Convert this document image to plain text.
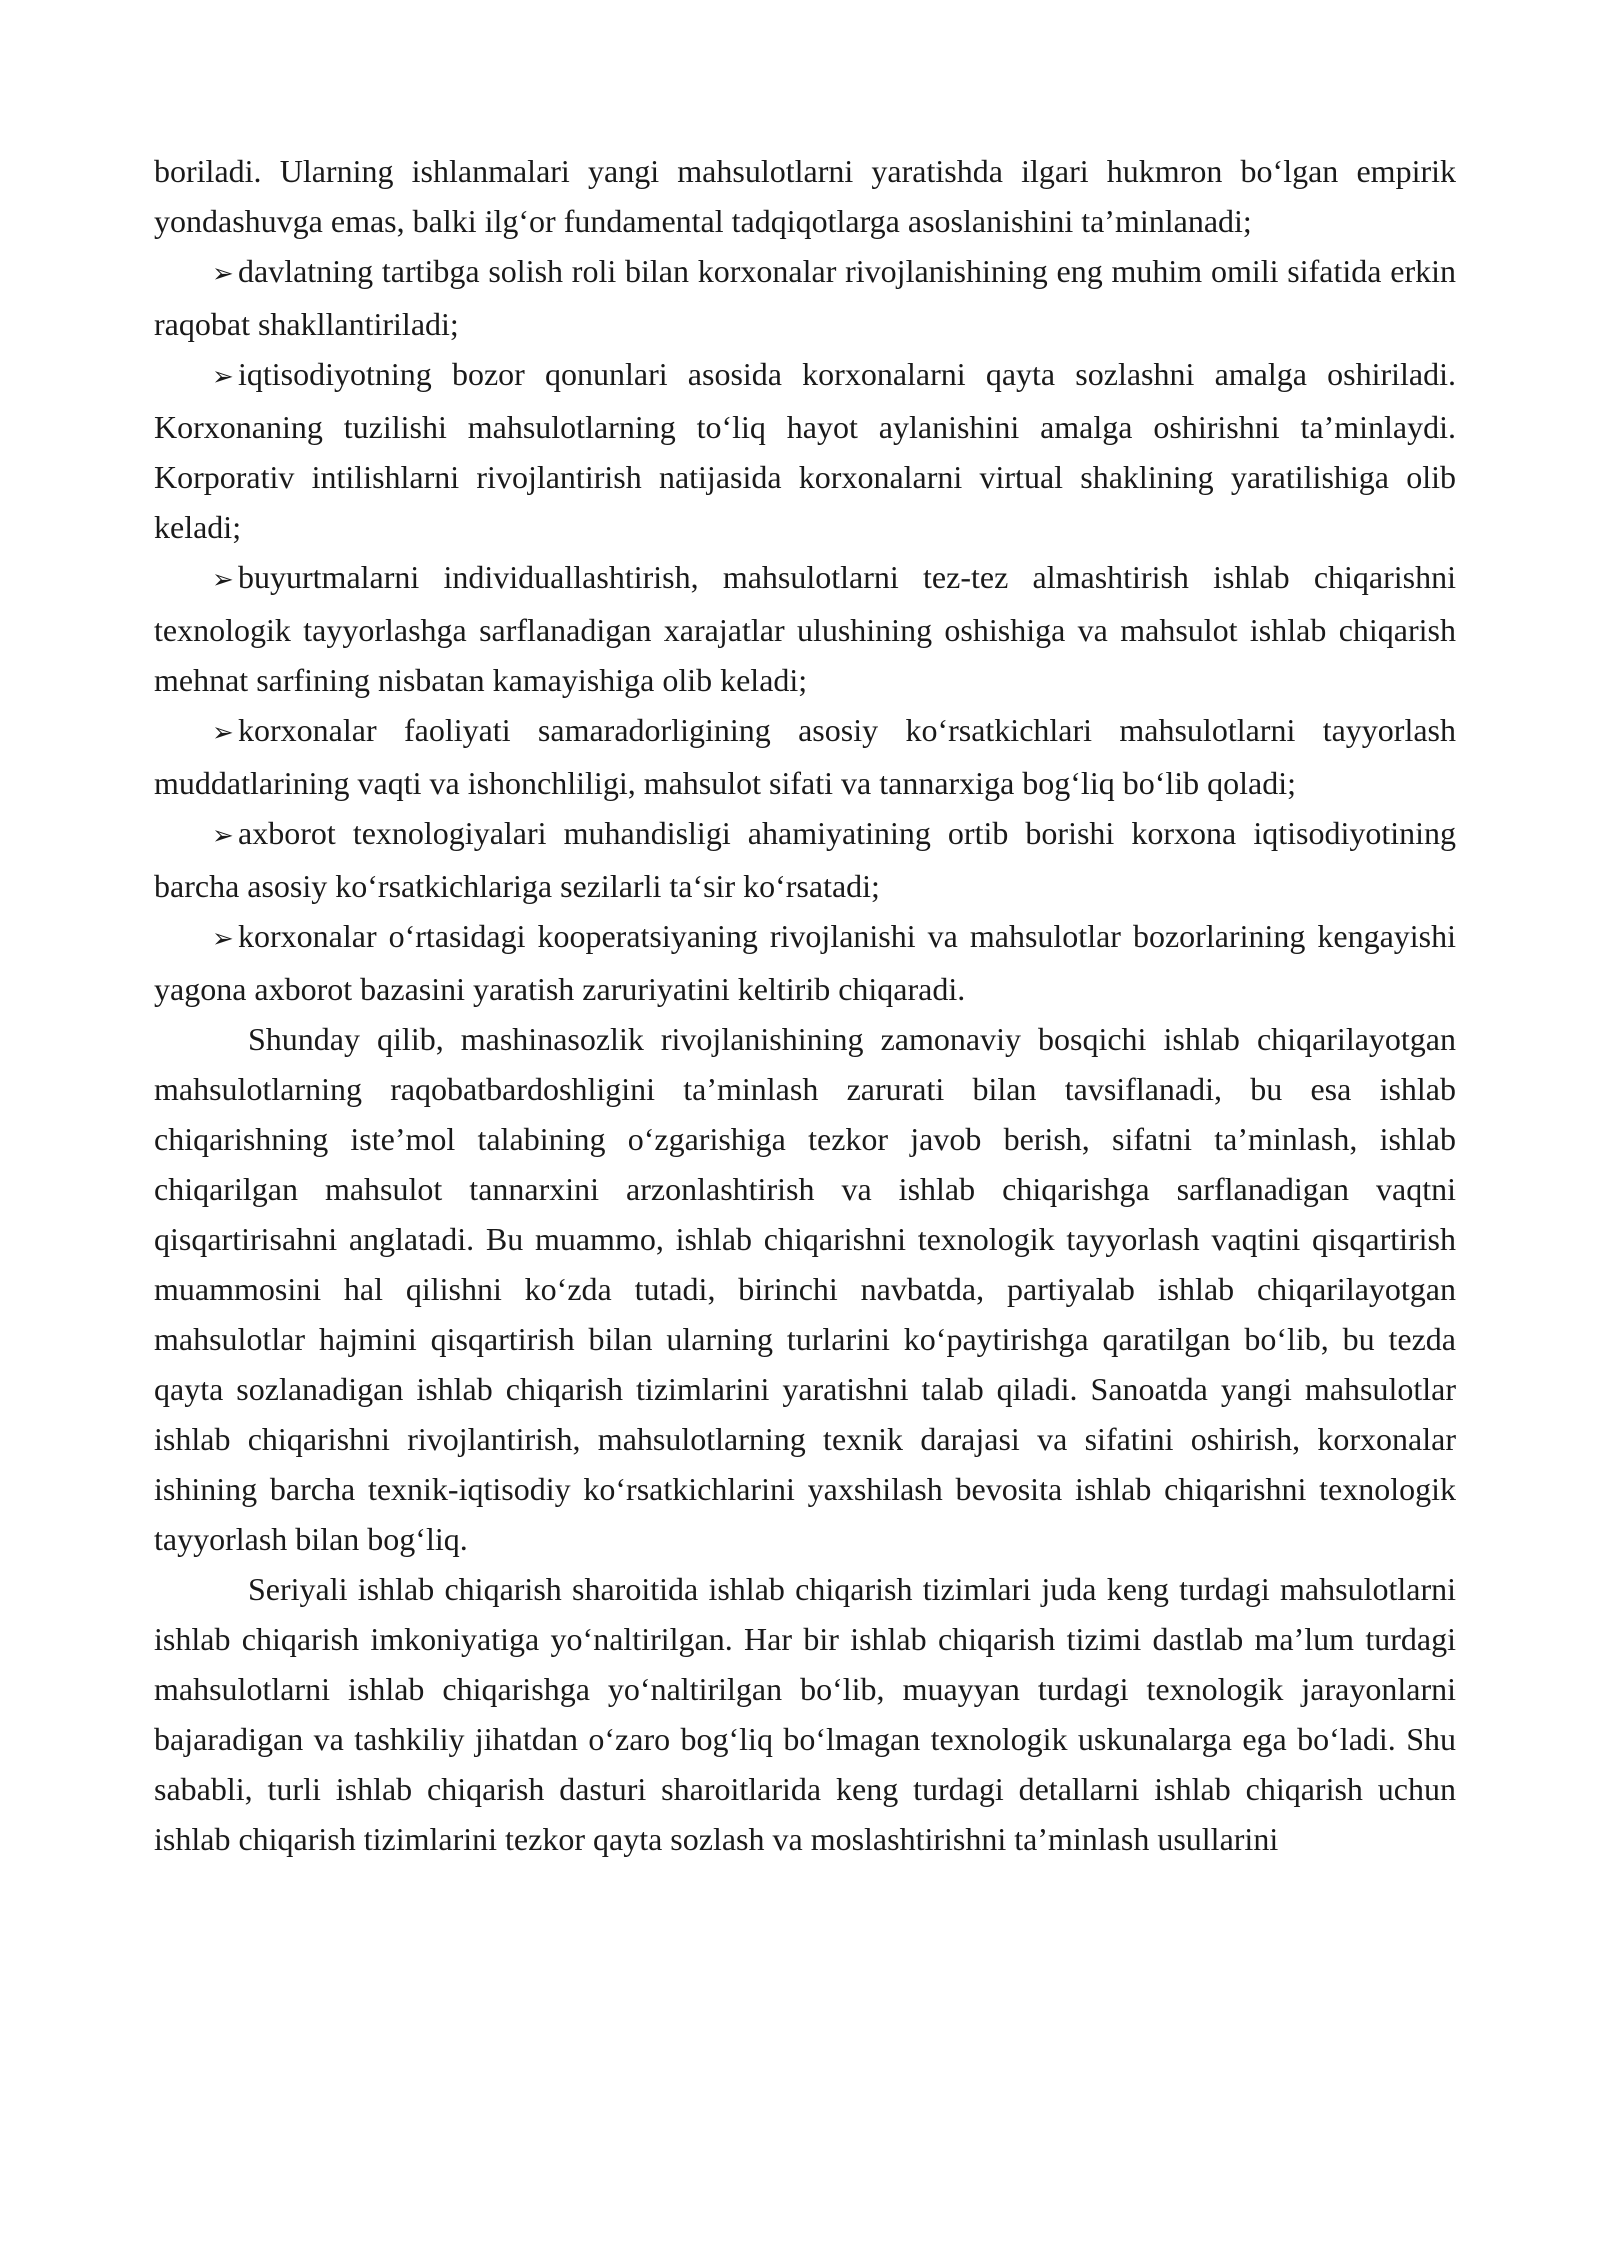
boriladi. Ularning ishlanmalari yangi mahsulotlarni yaratishda ilgari hukmron bo‘lgan empirik yondashuvga emas, balki ilg‘or fundamental tadqiqotlarga asoslanishini ta’minlanadi;

➢ davlatning tartibga solish roli bilan korxonalar rivojlanishining eng muhim omili sifatida erkin raqobat shakllantiriladi;

➢ iqtisodiyotning bozor qonunlari asosida korxonalarni qayta sozlashni amalga oshiriladi. Korxonaning tuzilishi mahsulotlarning to‘liq hayot aylanishini amalga oshirishni ta’minlaydi. Korporativ intilishlarni rivojlantirish natijasida korxonalarni virtual shaklining yaratilishiga olib keladi;

➢ buyurtmalarni individuallashtirish, mahsulotlarni tez-tez almashtirish ishlab chiqarishni texnologik tayyorlashga sarflanadigan xarajatlar ulushining oshishiga va mahsulot ishlab chiqarish mehnat sarfining nisbatan kamayishiga olib keladi;

➢ korxonalar faoliyati samaradorligining asosiy ko‘rsatkichlari mahsulotlarni tayyorlash muddatlarining vaqti va ishonchliligi, mahsulot sifati va tannarxiga bog‘liq bo‘lib qoladi;

➢ axborot texnologiyalari muhandisligi ahamiyatining ortib borishi korxona iqtisodiyotining barcha asosiy ko‘rsatkichlariga sezilarli ta‘sir ko‘rsatadi;

➢ korxonalar o‘rtasidagi kooperatsiyaning rivojlanishi va mahsulotlar bozorlarining kengayishi yagona axborot bazasini yaratish zaruriyatini keltirib chiqaradi.

Shunday qilib, mashinasozlik rivojlanishining zamonaviy bosqichi ishlab chiqarilayotgan mahsulotlarning raqobatbardoshligini ta’minlash zarurati bilan tavsiflanadi, bu esa ishlab chiqarishning iste’mol talabining o‘zgarishiga tezkor javob berish, sifatni ta’minlash, ishlab chiqarilgan mahsulot tannarxini arzonlashtirish va ishlab chiqarishga sarflanadigan vaqtni qisqartirisahni anglatadi. Bu muammo, ishlab chiqarishni texnologik tayyorlash vaqtini qisqartirish muammosini hal qilishni ko‘zda tutadi, birinchi navbatda, partiyalab ishlab chiqarilayotgan mahsulotlar hajmini qisqartirish bilan ularning turlarini ko‘paytirishga qaratilgan bo‘lib, bu tezda qayta sozlanadigan ishlab chiqarish tizimlarini yaratishni talab qiladi. Sanoatda yangi mahsulotlar ishlab chiqarishni rivojlantirish, mahsulotlarning texnik darajasi va sifatini oshirish, korxonalar ishining barcha texnik-iqtisodiy ko‘rsatkichlarini yaxshilash bevosita ishlab chiqarishni texnologik tayyorlash bilan bog‘liq.

Seriyali ishlab chiqarish sharoitida ishlab chiqarish tizimlari juda keng turdagi mahsulotlarni ishlab chiqarish imkoniyatiga yo‘naltirilgan. Har bir ishlab chiqarish tizimi dastlab ma’lum turdagi mahsulotlarni ishlab chiqarishga yo‘naltirilgan bo‘lib, muayyan turdagi texnologik jarayonlarni bajaradigan va tashkiliy jihatdan o‘zaro bog‘liq bo‘lmagan texnologik uskunalarga ega bo‘ladi. Shu sababli, turli ishlab chiqarish dasturi sharoitlarida keng turdagi detallarni ishlab chiqarish uchun ishlab chiqarish tizimlarini tezkor qayta sozlash va moslashtirishni ta’minlash usullarini
